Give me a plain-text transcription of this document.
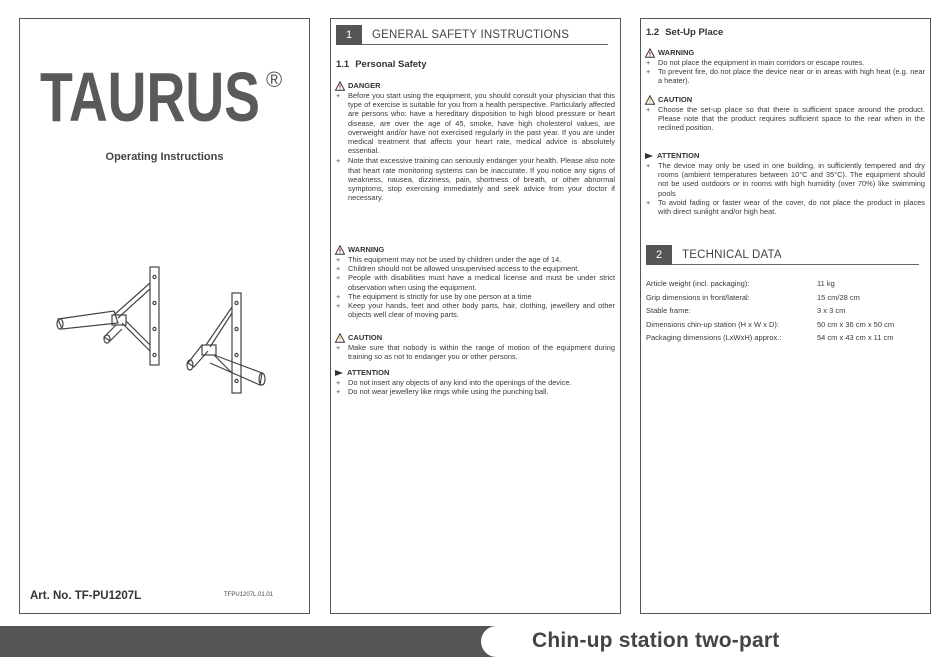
TAURUS ®
Operating Instructions
Art. No. TF-PU1207L	TFPU1207L.01.01
1	GENERAL SAFETY INSTRUCTIONS
1.1 Personal Safety
DANGER
+ Before you start using the equipment, you should consult your physician that this type of exercise is suitable for you from a health perspective. Particularly affected are persons who: have a hereditary disposition to high blood pressure or heart disease, are over the age of 45, smoke, have high cholesterol values, are overweight and/or have not exercised regularly in the past year. If you are under medical treatment that affects your heart rate, medical advice is absolutely essential.
+ Note that excessive training can seriously endanger your health. Please also note that heart rate monitoring systems can be inaccurate. If you notice any signs of weakness, nausea, dizziness, pain, shortness of breath, or other abnormal symptoms, stop exercising immediately and seek advice from your doctor if necessary.
WARNING
+ This equipment may not be used by children under the age of 14.
+ Children should not be allowed unsupervised access to the equipment.
+ People with disabilities must have a medical license and must be under strict observation when using the equipment.
+ The equipment is strictly for use by one person at a time
+ Keep your hands, feet and other body parts, hair, clothing, jewellery and other objects well clear of moving parts.
CAUTION
+ Make sure that nobody is within the range of motion of the equipment during training so as not to endanger you or other persons.
ATTENTION
+ Do not insert any objects of any kind into the openings of the device.
+ Do not wear jewellery like rings while using the punching ball.
1.2 Set-Up Place
WARNING
+ Do not place the equipment in main corridors or escape routes.
+ To prevent fire, do not place the device near or in areas with high heat (e.g. near a heater).
CAUTION
+ Choose the set-up place so that there is sufficient space around the product. Please note that the product requires sufficient space to the rear when in the reclined position.
ATTENTION
+ The device may only be used in one building, in sufficiently tempered and dry rooms (ambient temperatures between 10°C and 35°C). The equipment should not be used outdoors or in rooms with high humidity (over 70%) like swimming pools
+ To avoid fading or faster wear of the cover, do not place the product in places with direct sunlight and/or high heat.
2	TECHNICAL DATA
Article weight (incl. packaging):	11 kg
Grip dimensions in front/lateral:	15 cm/28 cm
Stable frame:	3 x 3 cm
Dimensions chin-up station (H x W x D):	50 cm x 36 cm x 50 cm
Packaging dimensions (LxWxH) approx.:	54 cm x 43 cm x 11 cm
Chin-up station two-part
